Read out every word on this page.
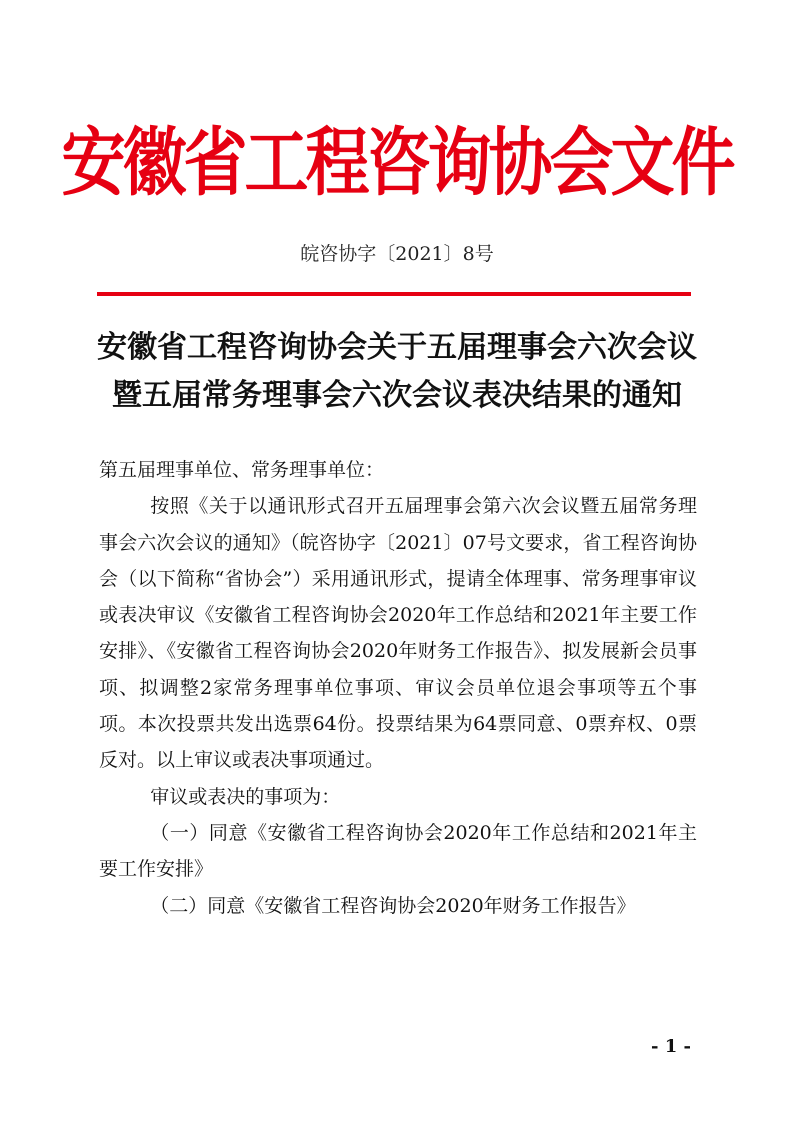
安徽省工程咨询协会文件
皖咨协字〔2021〕8号
安徽省工程咨询协会关于五届理事会六次会议
暨五届常务理事会六次会议表决结果的通知

第五届理事单位、常务理事单位：

按照《关于以通讯形式召开五届理事会第六次会议暨五届常务理事会六次会议的通知》（皖咨协字〔2021〕07号文要求，省工程咨询协会（以下简称“省协会”）采用通讯形式，提请全体理事、常务理事审议或表决审议《安徽省工程咨询协会2020年工作总结和2021年主要工作安排》、《安徽省工程咨询协会2020年财务工作报告》、拟发展新会员事项、拟调整2家常务理事单位事项、审议会员单位退会事项等五个事项。本次投票共发出选票64份。投票结果为64票同意、0票弃权、0票反对。以上审议或表决事项通过。

审议或表决的事项为：

（一）同意《安徽省工程咨询协会2020年工作总结和2021年主要工作安排》

（二）同意《安徽省工程咨询协会2020年财务工作报告》

- 1 -
